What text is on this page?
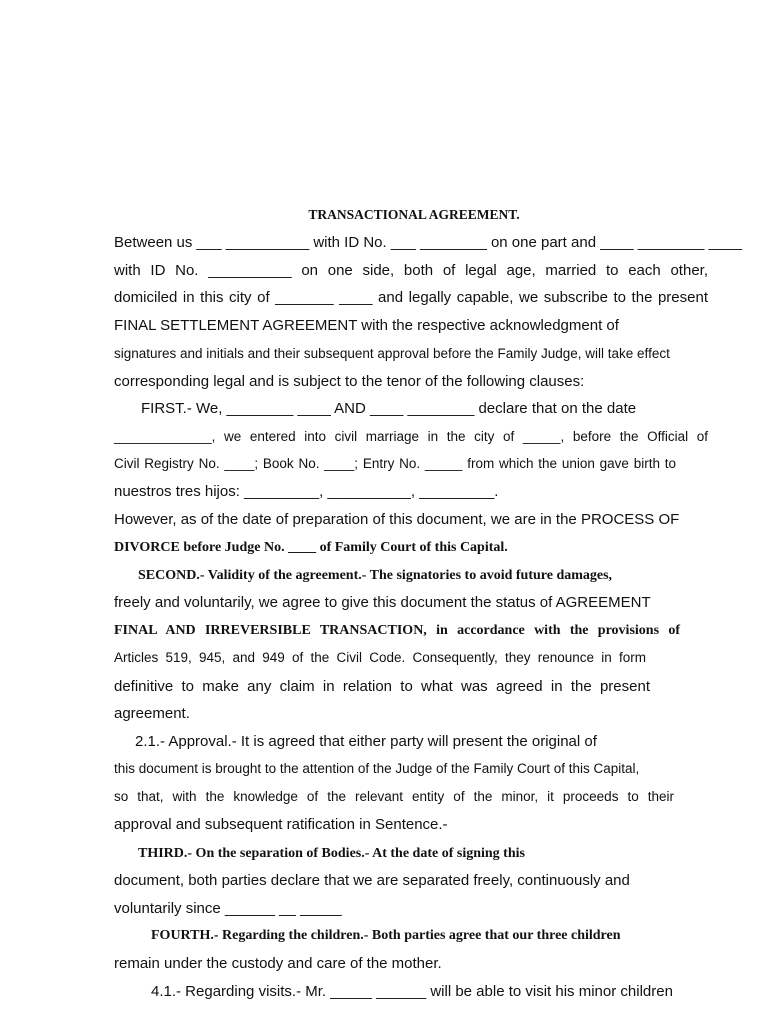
TRANSACTIONAL AGREEMENT.
Between us ___ __________ with ID No. ___ ________ on one part and ____ ________ ____
with ID No. __________ on one side, both of legal age, married to each other,
domiciled in this city of _______ ____ and legally capable, we subscribe to the present
FINAL SETTLEMENT AGREEMENT with the respective acknowledgment of
signatures and initials and their subsequent approval before the Family Judge, will take effect
corresponding legal and is subject to the tenor of the following clauses:
FIRST.- We, ________ ____ AND ____ ________ declare that on the date
_____________, we entered into civil marriage in the city of _____, before the Official of
Civil Registry No. ____; Book No. ____; Entry No. _____ from which the union gave birth to
nuestros tres hijos: _________, __________, _________.
However, as of the date of preparation of this document, we are in the PROCESS OF
DIVORCE before Judge No. ____ of Family Court of this Capital.
SECOND.- Validity of the agreement.- The signatories to avoid future damages,
freely and voluntarily, we agree to give this document the status of AGREEMENT
FINAL AND IRREVERSIBLE TRANSACTION, in accordance with the provisions of
Articles 519, 945, and 949 of the Civil Code. Consequently, they renounce in form
definitive to make any claim in relation to what was agreed in the present
agreement.
2.1.- Approval.- It is agreed that either party will present the original of
this document is brought to the attention of the Judge of the Family Court of this Capital,
so that, with the knowledge of the relevant entity of the minor, it proceeds to their
approval and subsequent ratification in Sentence.-
THIRD.- On the separation of Bodies.- At the date of signing this
document, both parties declare that we are separated freely, continuously and
voluntarily since ______ __ _____
FOURTH.- Regarding the children.- Both parties agree that our three children
remain under the custody and care of the mother.
4.1.- Regarding visits.- Mr. _____ ______ will be able to visit his minor children
